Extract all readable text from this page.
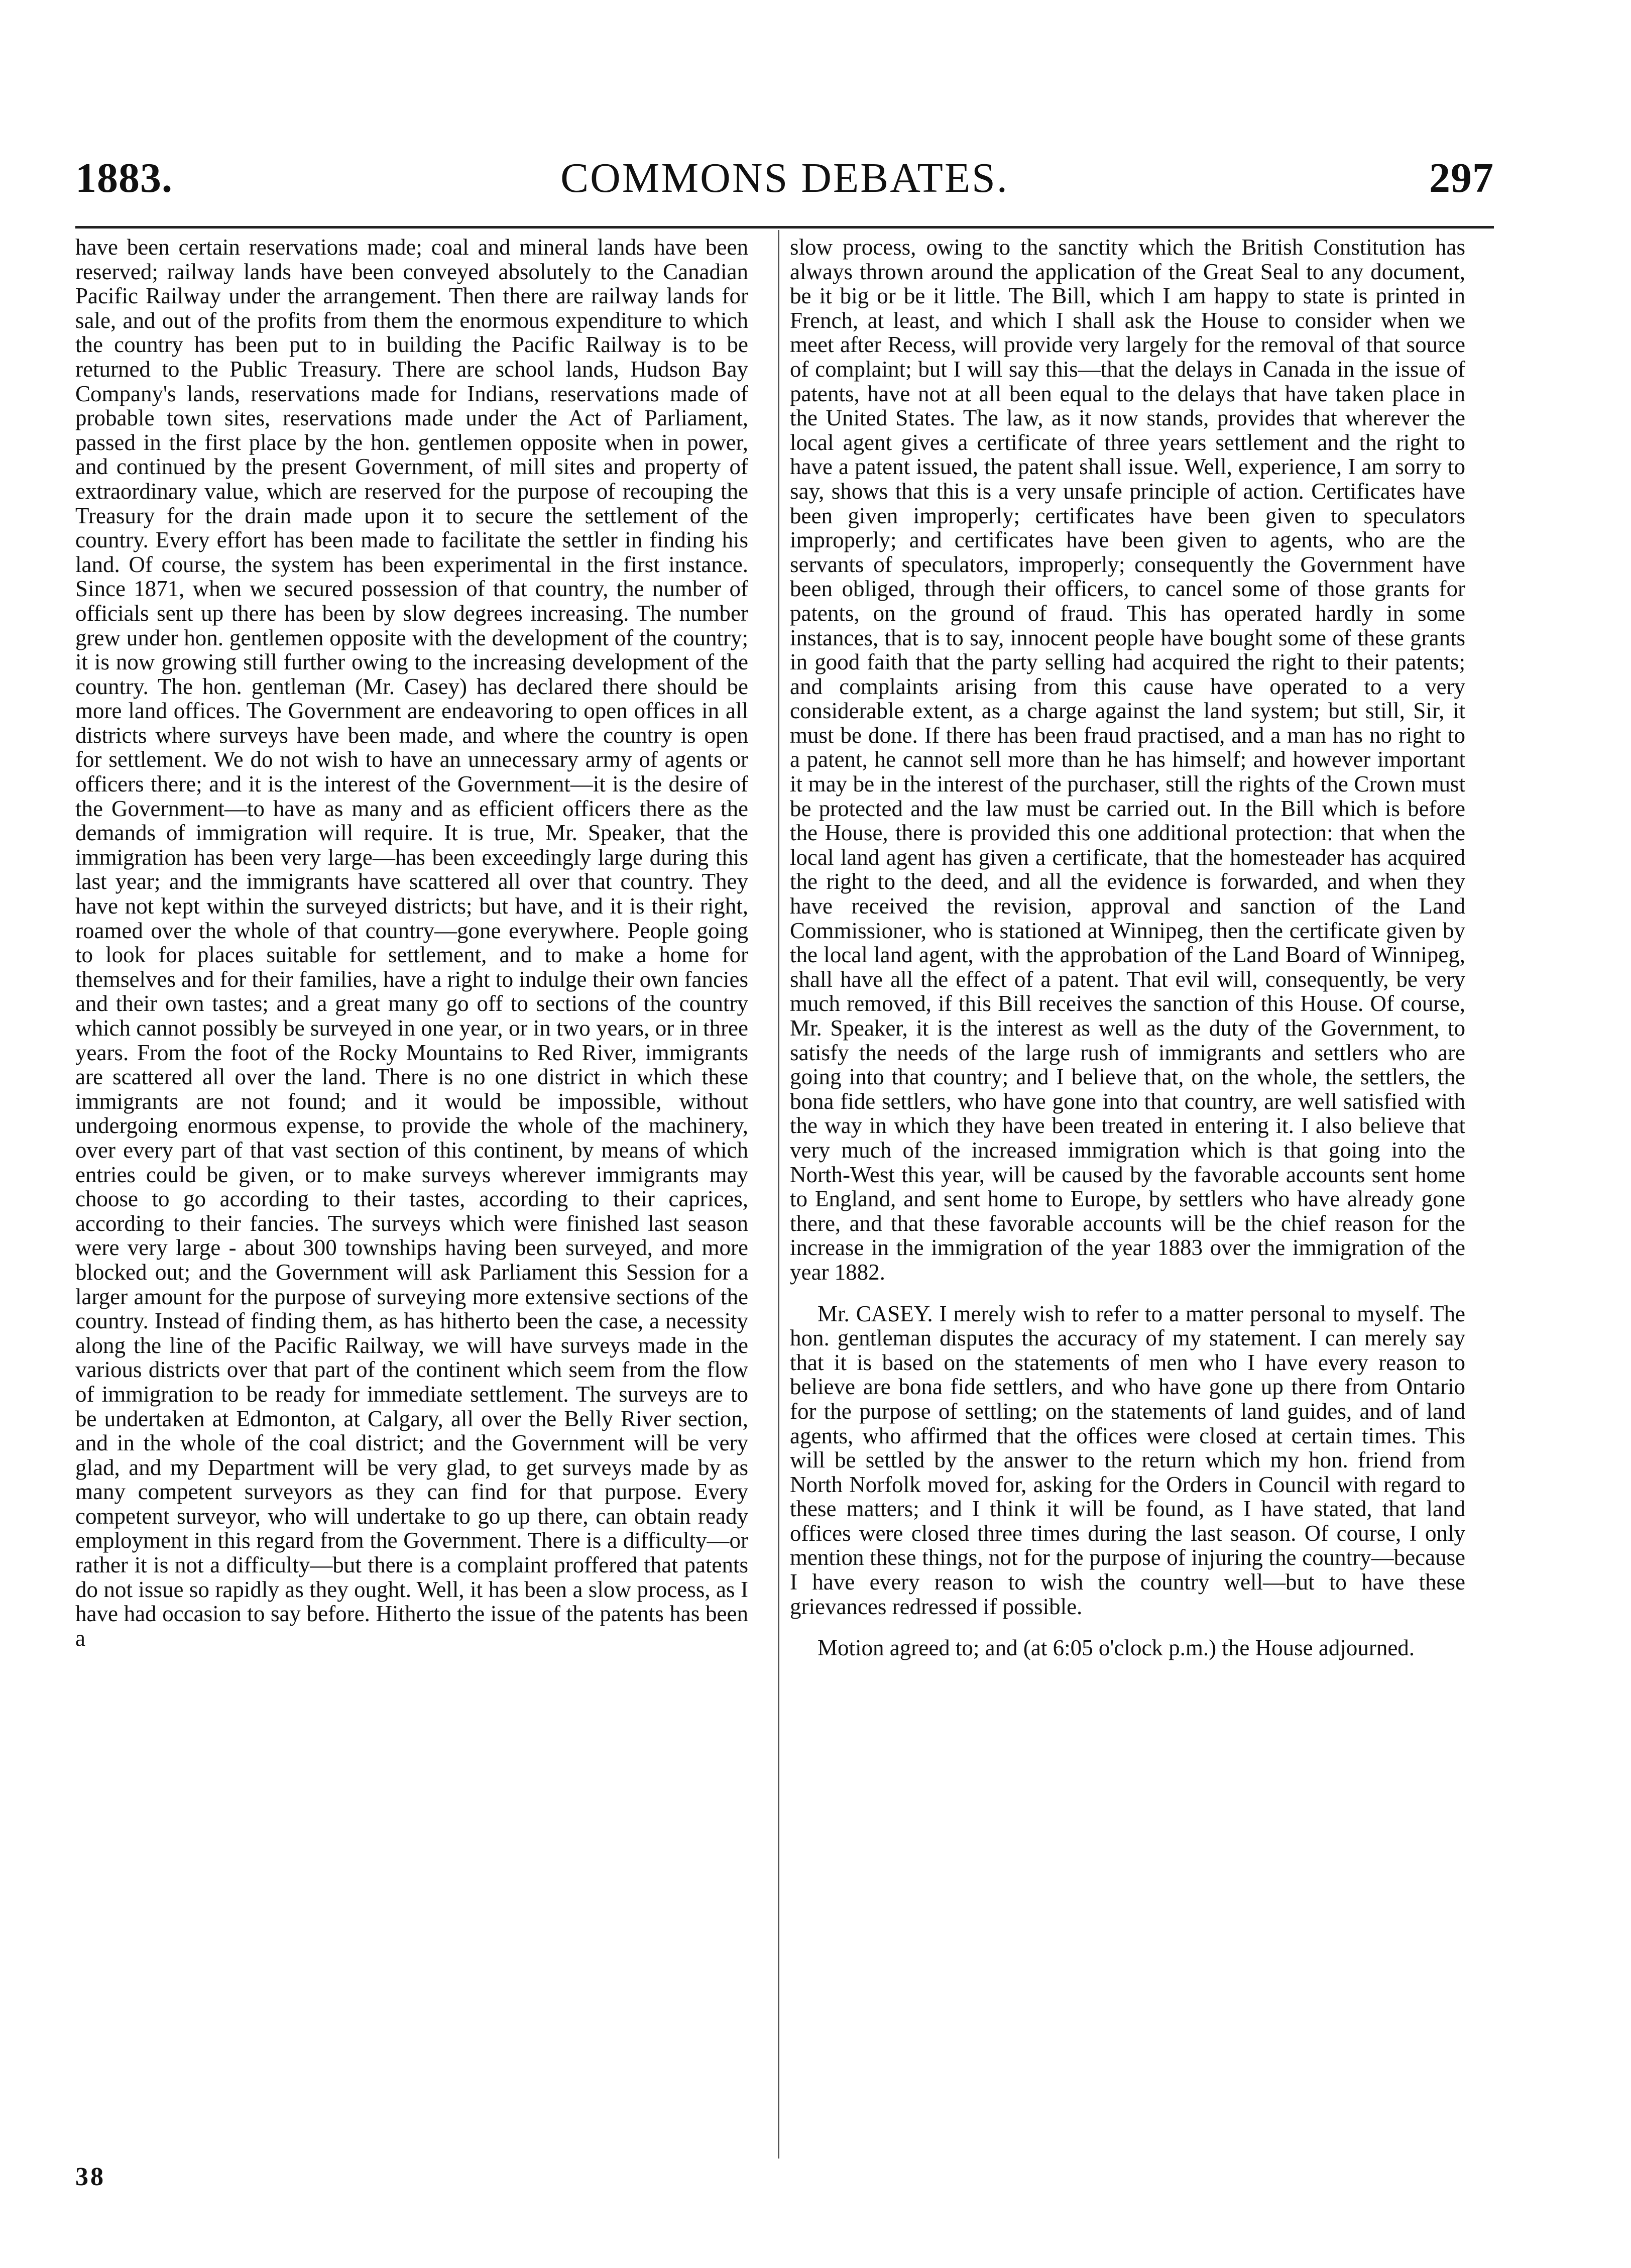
1883.	COMMONS DEBATES.	297

have been certain reservations made; coal and mineral lands have been reserved; railway lands have been conveyed absolutely to the Canadian Pacific Railway under the arrangement. Then there are railway lands for sale, and out of the profits from them the enormous expenditure to which the country has been put to in building the Pacific Railway is to be returned to the Public Treasury. There are school lands, Hudson Bay Company's lands, reservations made for Indians, reservations made of probable town sites, reservations made under the Act of Parliament, passed in the first place by the hon. gentlemen opposite when in power, and continued by the present Government, of mill sites and property of extraordinary value, which are reserved for the purpose of recouping the Treasury for the drain made upon it to secure the settlement of the country. Every effort has been made to facilitate the settler in finding his land. Of course, the system has been experimental in the first instance. Since 1871, when we secured possession of that country, the number of officials sent up there has been by slow degrees increasing. The number grew under hon. gentlemen opposite with the development of the country; it is now growing still further owing to the increasing development of the country. The hon. gentleman (Mr. Casey) has declared there should be more land offices. The Government are endeavoring to open offices in all districts where surveys have been made, and where the country is open for settlement. We do not wish to have an unnecessary army of agents or officers there; and it is the interest of the Government—it is the desire of the Government—to have as many and as efficient officers there as the demands of immigration will require. It is true, Mr. Speaker, that the immigration has been very large—has been exceedingly large during this last year; and the immigrants have scattered all over that country. They have not kept within the surveyed districts; but have, and it is their right, roamed over the whole of that country—gone everywhere. People going to look for places suitable for settlement, and to make a home for themselves and for their families, have a right to indulge their own fancies and their own tastes; and a great many go off to sections of the country which cannot possibly be surveyed in one year, or in two years, or in three years. From the foot of the Rocky Mountains to Red River, immigrants are scattered all over the land. There is no one district in which these immigrants are not found; and it would be impossible, without undergoing enormous expense, to provide the whole of the machinery, over every part of that vast section of this continent, by means of which entries could be given, or to make surveys wherever immigrants may choose to go according to their tastes, according to their caprices, according to their fancies. The surveys which were finished last season were very large - about 300 townships having been surveyed, and more blocked out; and the Government will ask Parliament this Session for a larger amount for the purpose of surveying more extensive sections of the country. Instead of finding them, as has hitherto been the case, a necessity along the line of the Pacific Railway, we will have surveys made in the various districts over that part of the continent which seem from the flow of immigration to be ready for immediate settlement. The surveys are to be undertaken at Edmonton, at Calgary, all over the Belly River section, and in the whole of the coal district; and the Government will be very glad, and my Department will be very glad, to get surveys made by as many competent surveyors as they can find for that purpose. Every competent surveyor, who will undertake to go up there, can obtain ready employment in this regard from the Government. There is a difficulty—or rather it is not a difficulty—but there is a complaint proffered that patents do not issue so rapidly as they ought. Well, it has been a slow process, as I have had occasion to say before. Hitherto the issue of the patents has been a

slow process, owing to the sanctity which the British Constitution has always thrown around the application of the Great Seal to any document, be it big or be it little. The Bill, which I am happy to state is printed in French, at least, and which I shall ask the House to consider when we meet after Recess, will provide very largely for the removal of that source of complaint; but I will say this—that the delays in Canada in the issue of patents, have not at all been equal to the delays that have taken place in the United States. The law, as it now stands, provides that wherever the local agent gives a certificate of three years settlement and the right to have a patent issued, the patent shall issue. Well, experience, I am sorry to say, shows that this is a very unsafe principle of action. Certificates have been given improperly; certificates have been given to speculators improperly; and certificates have been given to agents, who are the servants of speculators, improperly; consequently the Government have been obliged, through their officers, to cancel some of those grants for patents, on the ground of fraud. This has operated hardly in some instances, that is to say, innocent people have bought some of these grants in good faith that the party selling had acquired the right to their patents; and complaints arising from this cause have operated to a very considerable extent, as a charge against the land system; but still, Sir, it must be done. If there has been fraud practised, and a man has no right to a patent, he cannot sell more than he has himself; and however important it may be in the interest of the purchaser, still the rights of the Crown must be protected and the law must be carried out. In the Bill which is before the House, there is provided this one additional protection: that when the local land agent has given a certificate, that the homesteader has acquired the right to the deed, and all the evidence is forwarded, and when they have received the revision, approval and sanction of the Land Commissioner, who is stationed at Winnipeg, then the certificate given by the local land agent, with the approbation of the Land Board of Winnipeg, shall have all the effect of a patent. That evil will, consequently, be very much removed, if this Bill receives the sanction of this House. Of course, Mr. Speaker, it is the interest as well as the duty of the Government, to satisfy the needs of the large rush of immigrants and settlers who are going into that country; and I believe that, on the whole, the settlers, the bona fide settlers, who have gone into that country, are well satisfied with the way in which they have been treated in entering it. I also believe that very much of the increased immigration which is that going into the North-West this year, will be caused by the favorable accounts sent home to England, and sent home to Europe, by settlers who have already gone there, and that these favorable accounts will be the chief reason for the increase in the immigration of the year 1883 over the immigration of the year 1882.

Mr. CASEY. I merely wish to refer to a matter personal to myself. The hon. gentleman disputes the accuracy of my statement. I can merely say that it is based on the statements of men who I have every reason to believe are bona fide settlers, and who have gone up there from Ontario for the purpose of settling; on the statements of land guides, and of land agents, who affirmed that the offices were closed at certain times. This will be settled by the answer to the return which my hon. friend from North Norfolk moved for, asking for the Orders in Council with regard to these matters; and I think it will be found, as I have stated, that land offices were closed three times during the last season. Of course, I only mention these things, not for the purpose of injuring the country—because I have every reason to wish the country well—but to have these grievances redressed if possible.

Motion agreed to; and (at 6:05 o'clock p.m.) the House adjourned.

38
